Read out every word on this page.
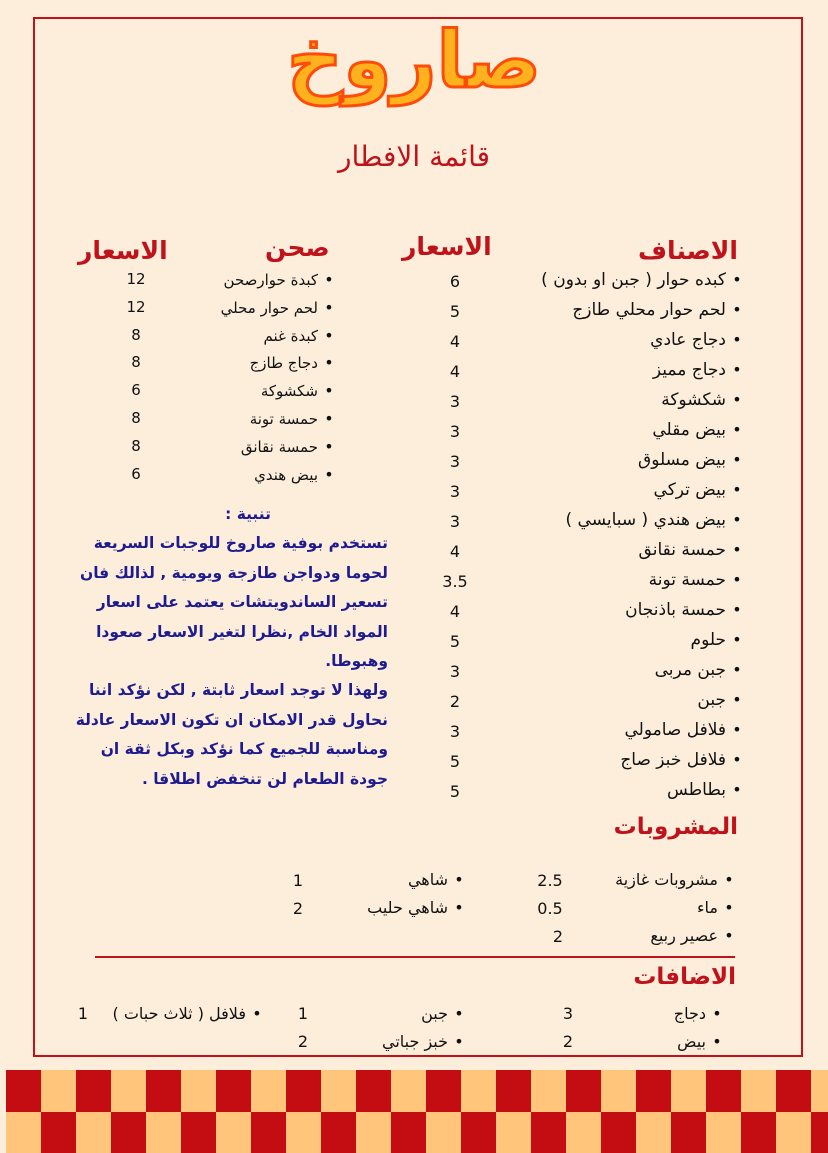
صاروخ
قائمة الافطار
الاصناف
الاسعار
•كبده حوار ( جبن او بدون )
•لحم حوار محلي طازج
•دجاج عادي
•دجاج مميز
•شكشوكة
•بيض مقلي
•بيض مسلوق
•بيض تركي
•بيض هندي ( سبايسي )
•حمسة نقانق
•حمسة تونة
•حمسة باذنجان
•حلوم
•جبن مربى
•جبن
•فلافل صامولي
•فلافل خبز صاج
•بطاطس
6
5
4
4
3
3
3
3
3
4
3.5
4
5
3
2
3
5
5
صحن
الاسعار
•كبدة حوارصحن
•لحم حوار محلي
•كبدة غنم
•دجاج طازج
•شكشوكة
•حمسة تونة
•حمسة نقانق
•بيض هندي
12
12
8
8
6
8
8
6
تنبية :
تستخدم بوفية صاروخ للوجبات السريعة لحوما ودواجن طازجة ويومية , لذالك فان تسعير الساندويتشات يعتمد على اسعار المواد الخام ,نظرا لتغير الاسعار صعودا وهبوطا.
ولهذا لا توجد اسعار ثابتة , لكن نؤكد اننا نحاول قدر الامكان ان تكون الاسعار عادلة ومناسبة للجميع كما نؤكد وبكل ثقة ان جودة الطعام لن تنخفض اطلاقا .
المشروبات
•مشروبات غازية
2.5
•ماء
0.5
•عصير ربيع
2
•شاهي
1
•شاهي حليب
2
الاضافات
•دجاج
3
•بيض
2
•جبن
1
•خبز جباتي
2
•فلافل ( ثلاث حبات )
1
